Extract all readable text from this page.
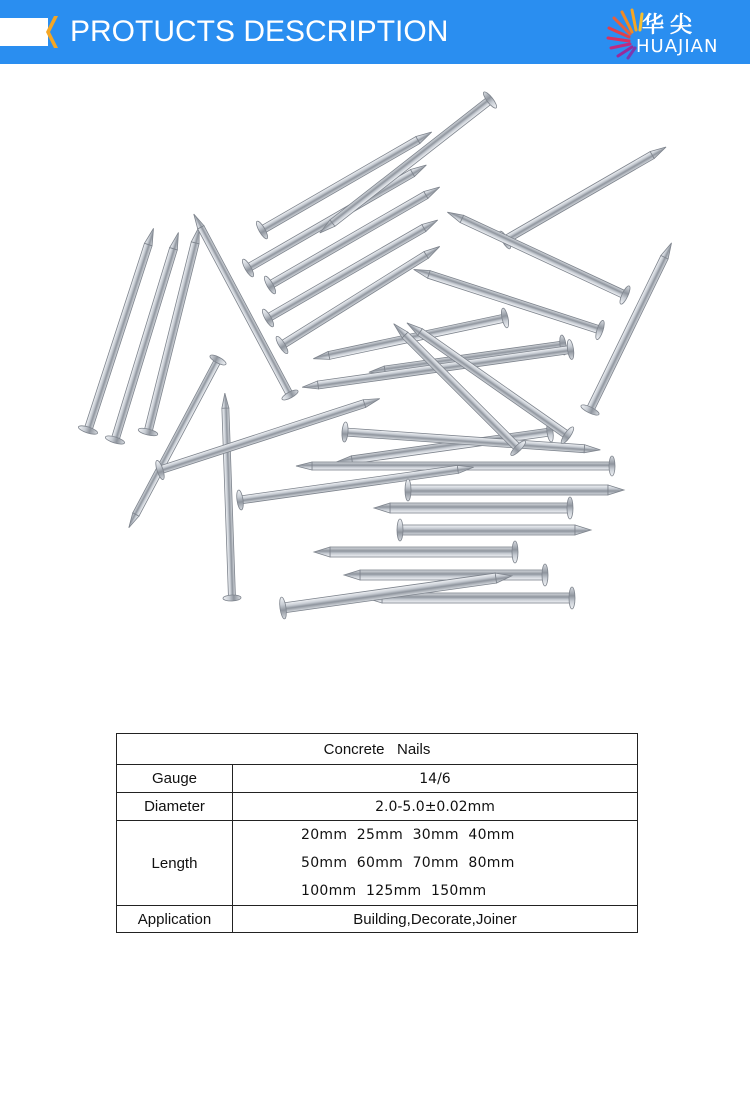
PROTUCTS DESCRIPTION	华尖
HUAJIAN
Concrete   Nails	
Gauge	14/6
Diameter	2.0-5.0±0.02mm
Length	20mm  25mm  30mm  40mm
50mm  60mm  70mm  80mm
100mm  125mm  150mm

Application	Building,Decorate,Joiner
